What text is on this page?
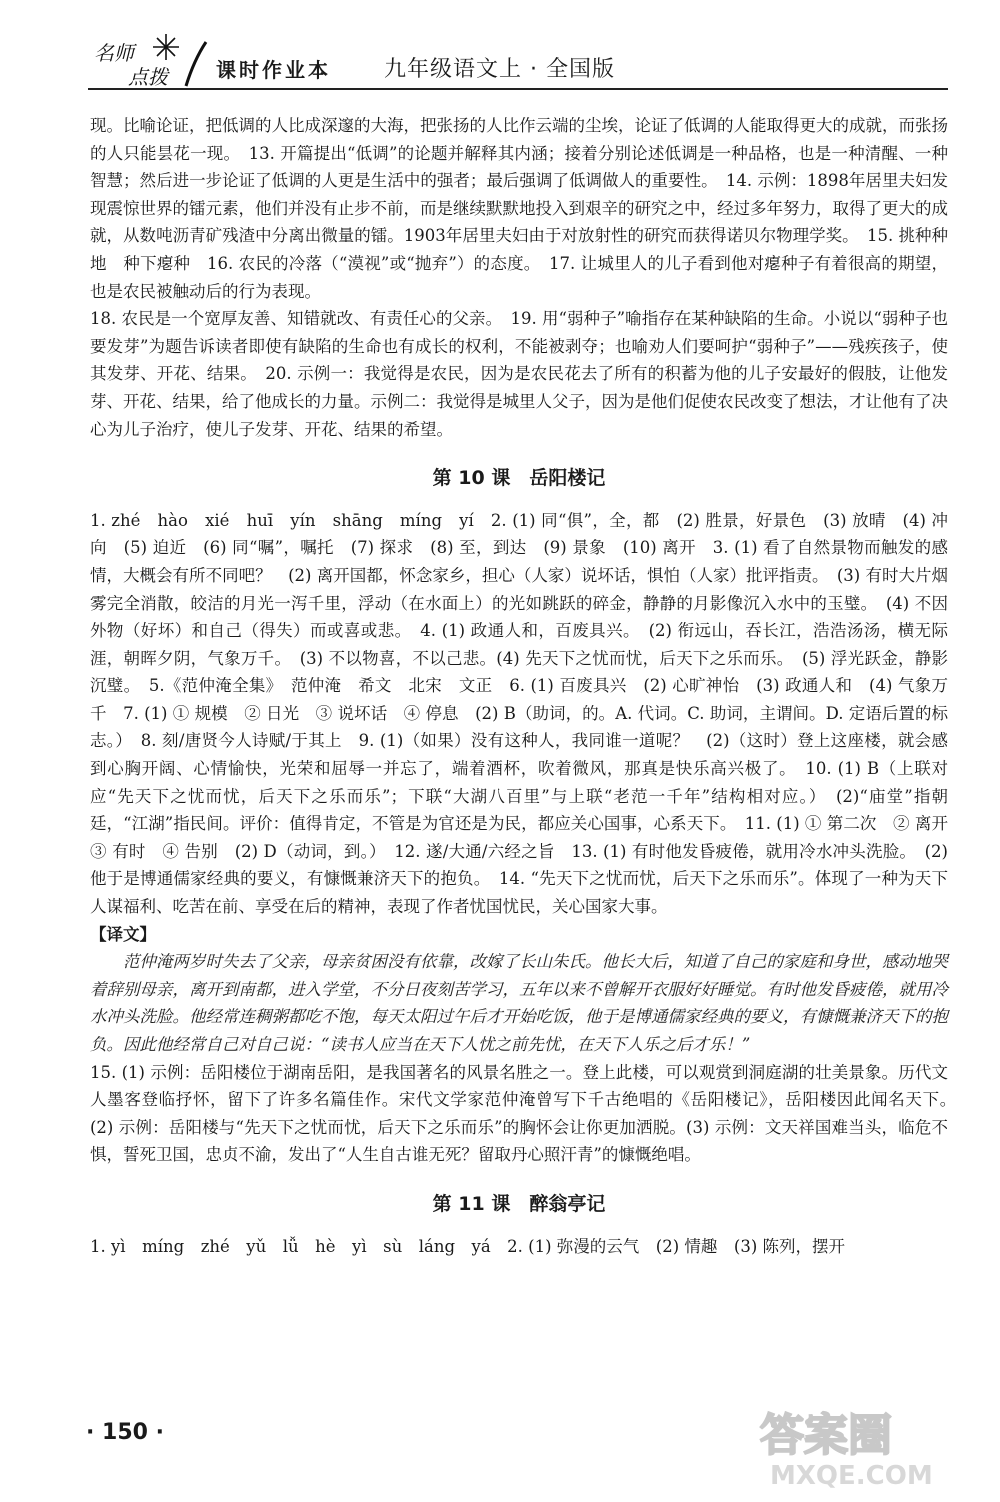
名师
点拨 课时作业本 九年级语文上 · 全国版

现。比喻论证，把低调的人比成深邃的大海，把张扬的人比作云端的尘埃，论证了低调的人能取得更大的成就，而张扬的人只能昙花一现。　13. 开篇提出“低调”的论题并解释其内涵；接着分别论述低调是一种品格，也是一种清醒、一种智慧；然后进一步论证了低调的人更是生活中的强者；最后强调了低调做人的重要性。　14. 示例：1898年居里夫妇发现震惊世界的镭元素，他们并没有止步不前，而是继续默默地投入到艰辛的研究之中，经过多年努力，取得了更大的成就，从数吨沥青矿残渣中分离出微量的镭。1903年居里夫妇由于对放射性的研究而获得诺贝尔物理学奖。　15. 挑种种地　种下瘪种　16. 农民的冷落（“漠视”或“抛弃”）的态度。　17. 让城里人的儿子看到他对瘪种子有着很高的期望，也是农民被触动后的行为表现。

18. 农民是一个宽厚友善、知错就改、有责任心的父亲。　19. 用“弱种子”喻指存在某种缺陷的生命。小说以“弱种子也要发芽”为题告诉读者即使有缺陷的生命也有成长的权利，不能被剥夺；也喻劝人们要呵护“弱种子”——残疾孩子，使其发芽、开花、结果。　20. 示例一：我觉得是农民，因为是农民花去了所有的积蓄为他的儿子安最好的假肢，让他发芽、开花、结果，给了他成长的力量。示例二：我觉得是城里人父子，因为是他们促使农民改变了想法，才让他有了决心为儿子治疗，使儿子发芽、开花、结果的希望。

第 10 课　岳阳楼记

1. zhé　hào　xié　huī　yín　shāng　míng　yí　2. (1) 同“俱”，全，都　(2) 胜景，好景色　(3) 放晴　(4) 冲向　(5) 迫近　(6) 同“嘱”，嘱托　(7) 探求　(8) 至，到达　(9) 景象　(10) 离开　3. (1) 看了自然景物而触发的感情，大概会有所不同吧？　(2) 离开国都，怀念家乡，担心（人家）说坏话，惧怕（人家）批评指责。　(3) 有时大片烟雾完全消散，皎洁的月光一泻千里，浮动（在水面上）的光如跳跃的碎金，静静的月影像沉入水中的玉璧。　(4) 不因外物（好坏）和自己（得失）而或喜或悲。　4. (1) 政通人和，百废具兴。　(2) 衔远山，吞长江，浩浩汤汤，横无际涯，朝晖夕阴，气象万千。　(3) 不以物喜，不以己悲。(4) 先天下之忧而忧，后天下之乐而乐。　(5) 浮光跃金，静影沉璧。　5.《范仲淹全集》　范仲淹　希文　北宋　文正　6. (1) 百废具兴　(2) 心旷神怡　(3) 政通人和　(4) 气象万千　7. (1) ① 规模　② 日光　③ 说坏话　④ 停息　(2) B（助词，的。A. 代词。C. 助词，主谓间。D. 定语后置的标志。）　8. 刻/唐贤今人诗赋/于其上　9. (1)（如果）没有这种人，我同谁一道呢？　(2)（这时）登上这座楼，就会感到心胸开阔、心情愉快，光荣和屈辱一并忘了，端着酒杯，吹着微风，那真是快乐高兴极了。　10. (1) B（上联对应“先天下之忧而忧，后天下之乐而乐”；下联“大湖八百里”与上联“老范一千年”结构相对应。）　(2)“庙堂”指朝廷，“江湖”指民间。评价：值得肯定，不管是为官还是为民，都应关心国事，心系天下。　11. (1) ① 第二次　② 离开　③ 有时　④ 告别　(2) D（动词，到。）　12. 遂/大通/六经之旨　13. (1) 有时他发昏疲倦，就用冷水冲头洗脸。　(2) 他于是博通儒家经典的要义，有慷慨兼济天下的抱负。　14. “先天下之忧而忧，后天下之乐而乐”。体现了一种为天下人谋福利、吃苦在前、享受在后的精神，表现了作者忧国忧民，关心国家大事。

【译文】

范仲淹两岁时失去了父亲，母亲贫困没有依靠，改嫁了长山朱氏。他长大后，知道了自己的家庭和身世，感动地哭着辞别母亲，离开到南都，进入学堂，不分日夜刻苦学习，五年以来不曾解开衣服好好睡觉。有时他发昏疲倦，就用冷水冲头洗脸。他经常连稠粥都吃不饱，每天太阳过午后才开始吃饭，他于是博通儒家经典的要义，有慷慨兼济天下的抱负。因此他经常自己对自己说：“读书人应当在天下人忧之前先忧，在天下人乐之后才乐！”

15. (1) 示例：岳阳楼位于湖南岳阳，是我国著名的风景名胜之一。登上此楼，可以观赏到洞庭湖的壮美景象。历代文人墨客登临抒怀，留下了许多名篇佳作。宋代文学家范仲淹曾写下千古绝唱的《岳阳楼记》，岳阳楼因此闻名天下。　(2) 示例：岳阳楼与“先天下之忧而忧，后天下之乐而乐”的胸怀会让你更加洒脱。(3) 示例：文天祥国难当头，临危不惧，誓死卫国，忠贞不渝，发出了“人生自古谁无死？留取丹心照汗青”的慷慨绝唱。

第 11 课　醉翁亭记

1. yì　míng　zhé　yǔ　lǚ　hè　yì　sù　láng　yá　2. (1) 弥漫的云气　(2) 情趣　(3) 陈列，摆开

· 150 ·	答案圈
MXQE.COM
